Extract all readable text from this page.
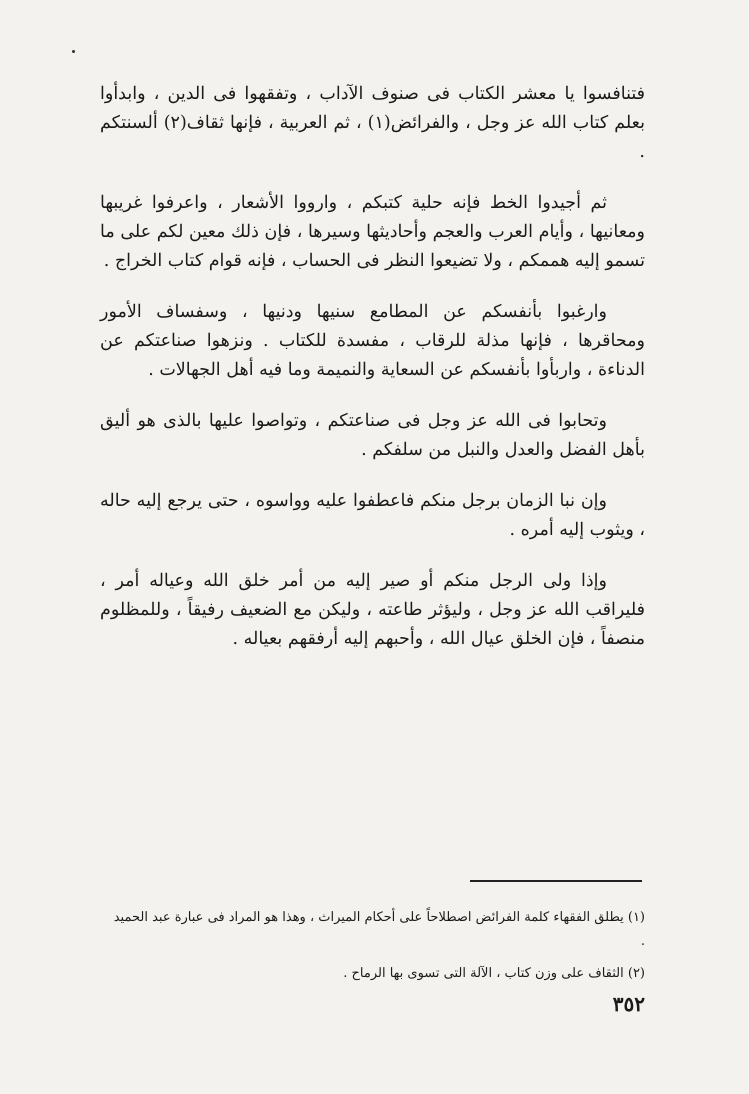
فتنافسوا يا معشر الكتاب فى صنوف الآداب ، وتفقهوا فى الدين ، وابدأوا بعلم كتاب الله عز وجل ، والفرائض(١) ، ثم العربية ، فإنها ثقاف(٢) ألسنتكم .

ثم أجيدوا الخط فإنه حلية كتبكم ، وارووا الأشعار ، واعرفوا غريبها ومعانيها ، وأيام العرب والعجم وأحاديثها وسيرها ، فإن ذلك معين لكم على ما تسمو إليه هممكم ، ولا تضيعوا النظر فى الحساب ، فإنه قوام كتاب الخراج .

وارغبوا بأنفسكم عن المطامع سنيها ودنيها ، وسفساف الأمور ومحاقرها ، فإنها مذلة للرقاب ، مفسدة للكتاب . ونزهوا صناعتكم عن الدناءة ، واربأوا بأنفسكم عن السعاية والنميمة وما فيه أهل الجهالات .

وتحابوا فى الله عز وجل فى صناعتكم ، وتواصوا عليها بالذى هو أليق بأهل الفضل والعدل والنبل من سلفكم .

وإن نبا الزمان برجل منكم فاعطفوا عليه وواسوه ، حتى يرجع إليه حاله ، ويثوب إليه أمره .

وإذا ولى الرجل منكم أو صير إليه من أمر خلق الله وعياله أمر ، فليراقب الله عز وجل ، وليؤثر طاعته ، وليكن مع الضعيف رفيقاً ، وللمظلوم منصفاً ، فإن الخلق عيال الله ، وأحبهم إليه أرفقهم بعياله .

(١) يطلق الفقهاء كلمة الفرائض اصطلاحاً على أحكام الميراث ، وهذا هو المراد فى عبارة عبد الحميد .

(٢) الثقاف على وزن كتاب ، الآلة التى تسوى بها الرماح .

٣٥٢
